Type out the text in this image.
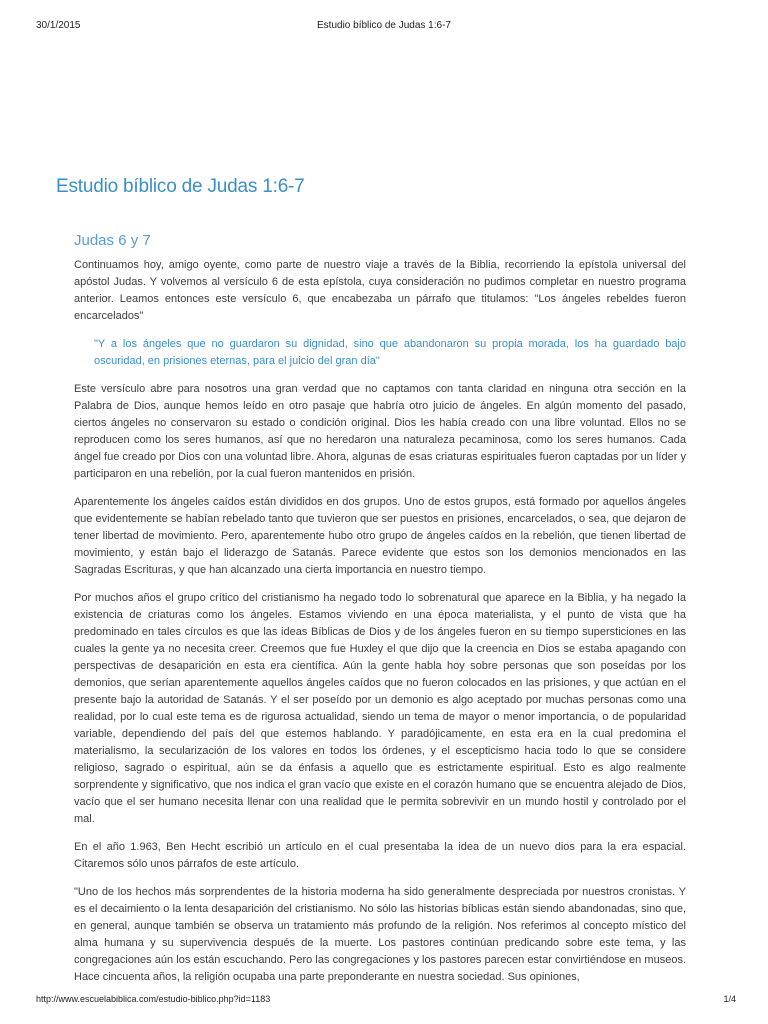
30/1/2015	Estudio bíblico de Judas 1:6-7
Estudio bíblico de Judas 1:6-7
Judas 6 y 7

Continuamos hoy, amigo oyente, como parte de nuestro viaje a través de la Biblia, recorriendo la epístola universal del apóstol Judas. Y volvemos al versículo 6 de esta epístola, cuya consideración no pudimos completar en nuestro programa anterior. Leamos entonces este versículo 6, que encabezaba un párrafo que titulamos: "Los ángeles rebeldes fueron encarcelados"

"Y a los ángeles que no guardaron su dignidad, sino que abandonaron su propia morada, los ha guardado bajo oscuridad, en prisiones eternas, para el juicio del gran día"

Este versículo abre para nosotros una gran verdad que no captamos con tanta claridad en ninguna otra sección en la Palabra de Dios, aunque hemos leído en otro pasaje que habría otro juicio de ángeles. En algún momento del pasado, ciertos ángeles no conservaron su estado o condición original. Dios les había creado con una libre voluntad. Ellos no se reproducen como los seres humanos, así que no heredaron una naturaleza pecaminosa, como los seres humanos. Cada ángel fue creado por Dios con una voluntad libre. Ahora, algunas de esas criaturas espirituales fueron captadas por un líder y participaron en una rebelión, por la cual fueron mantenidos en prisión.

Aparentemente los ángeles caídos están divididos en dos grupos. Uno de estos grupos, está formado por aquellos ángeles que evidentemente se habían rebelado tanto que tuvieron que ser puestos en prisiones, encarcelados, o sea, que dejaron de tener libertad de movimiento. Pero, aparentemente hubo otro grupo de ángeles caídos en la rebelión, que tienen libertad de movimiento, y están bajo el liderazgo de Satanás. Parece evidente que estos son los demonios mencionados en las Sagradas Escrituras, y que han alcanzado una cierta importancia en nuestro tiempo.

Por muchos años el grupo crítico del cristianismo ha negado todo lo sobrenatural que aparece en la Biblia, y ha negado la existencia de criaturas como los ángeles. Estamos viviendo en una época materialista, y el punto de vista que ha predominado en tales círculos es que las ideas Bíblicas de Dios y de los ángeles fueron en su tiempo supersticiones en las cuales la gente ya no necesita creer. Creemos que fue Huxley el que dijo que la creencia en Dios se estaba apagando con perspectivas de desaparición en esta era científica. Aún la gente habla hoy sobre personas que son poseídas por los demonios, que serían aparentemente aquellos ángeles caídos que no fueron colocados en las prisiones, y que actúan en el presente bajo la autoridad de Satanás. Y el ser poseído por un demonio es algo aceptado por muchas personas como una realidad, por lo cual este tema es de rigurosa actualidad, siendo un tema de mayor o menor importancia, o de popularidad variable, dependiendo del país del que estemos hablando. Y paradójicamente, en esta era en la cual predomina el materialismo, la secularización de los valores en todos los órdenes, y el escepticismo hacia todo lo que se considere religioso, sagrado o espiritual, aún se da énfasis a aquello que es estrictamente espiritual. Esto es algo realmente sorprendente y significativo, que nos indica el gran vacío que existe en el corazón humano que se encuentra alejado de Dios, vacío que el ser humano necesita llenar con una realidad que le permita sobrevivir en un mundo hostil y controlado por el mal.

En el año 1.963, Ben Hecht escribió un artículo en el cual presentaba la idea de un nuevo dios para la era espacial. Citaremos sólo unos párrafos de este artículo.

"Uno de los hechos más sorprendentes de la historia moderna ha sido generalmente despreciada por nuestros cronistas. Y es el decaimiento o la lenta desaparición del cristianismo. No sólo las historias bíblicas están siendo abandonadas, sino que, en general, aunque también se observa un tratamiento más profundo de la religión. Nos referimos al concepto místico del alma humana y su supervivencia después de la muerte. Los pastores continúan predicando sobre este tema, y las congregaciones aún los están escuchando. Pero las congregaciones y los pastores parecen estar convirtiéndose en museos. Hace cincuenta años, la religión ocupaba una parte preponderante en nuestra sociedad. Sus opiniones,

http://www.escuelabiblica.com/estudio-biblico.php?id=1183	1/4
